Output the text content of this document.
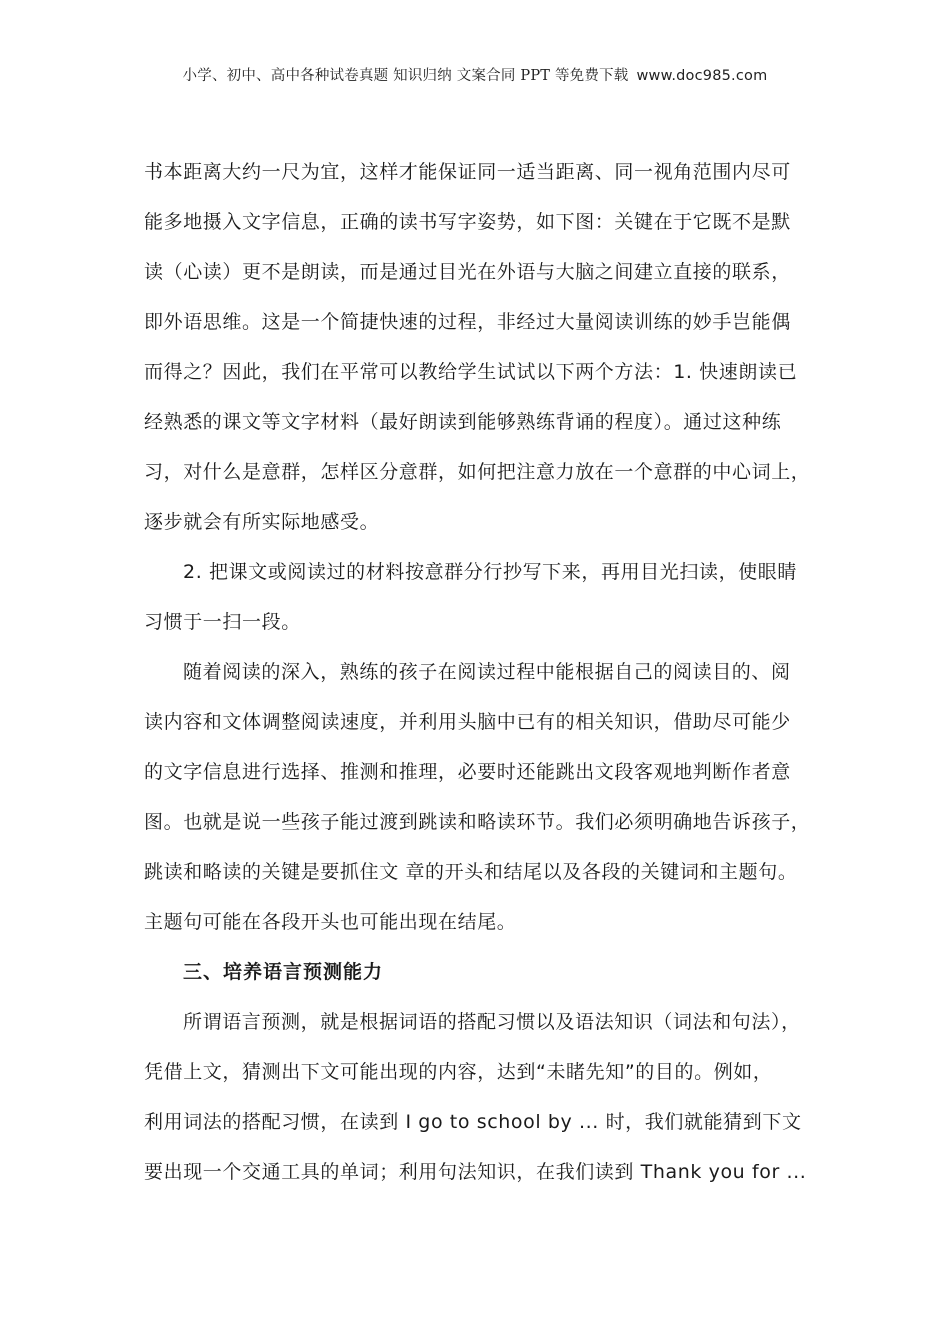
小学、初中、高中各种试卷真题 知识归纳 文案合同 PPT 等免费下载 www.doc985.com
书本距离大约一尺为宜，这样才能保证同一适当距离、同一视角范围内尽可
能多地摄入文字信息，正确的读书写字姿势，如下图：关键在于它既不是默
读（心读）更不是朗读，而是通过目光在外语与大脑之间建立直接的联系，
即外语思维。这是一个简捷快速的过程，非经过大量阅读训练的妙手岂能偶
而得之？因此，我们在平常可以教给学生试试以下两个方法：1. 快速朗读已
经熟悉的课文等文字材料（最好朗读到能够熟练背诵的程度）。通过这种练
习，对什么是意群，怎样区分意群，如何把注意力放在一个意群的中心词上，
逐步就会有所实际地感受。
2. 把课文或阅读过的材料按意群分行抄写下来，再用目光扫读，使眼睛
习惯于一扫一段。
随着阅读的深入，熟练的孩子在阅读过程中能根据自己的阅读目的、阅
读内容和文体调整阅读速度，并利用头脑中已有的相关知识，借助尽可能少
的文字信息进行选择、推测和推理，必要时还能跳出文段客观地判断作者意
图。也就是说一些孩子能过渡到跳读和略读环节。我们必须明确地告诉孩子，
跳读和略读的关键是要抓住文 章的开头和结尾以及各段的关键词和主题句。
主题句可能在各段开头也可能出现在结尾。
三、培养语言预测能力
所谓语言预测，就是根据词语的搭配习惯以及语法知识（词法和句法），
凭借上文，猜测出下文可能出现的内容，达到“未睹先知”的目的。例如，
利用词法的搭配习惯，在读到 I go to school by ... 时，我们就能猜到下文
要出现一个交通工具的单词；利用句法知识，在我们读到 Thank you for ...
